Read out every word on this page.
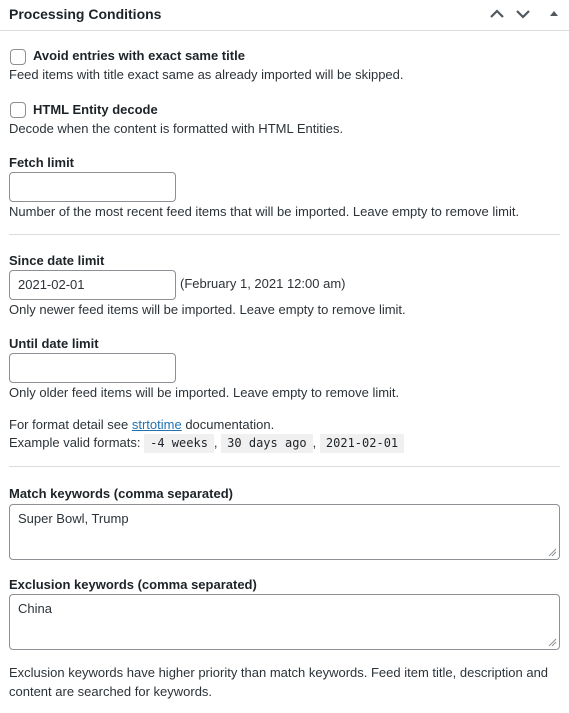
Processing Conditions
Avoid entries with exact same title
Feed items with title exact same as already imported will be skipped.
HTML Entity decode
Decode when the content is formatted with HTML Entities.
Fetch limit
Number of the most recent feed items that will be imported. Leave empty to remove limit.
Since date limit
2021-02-01	(February 1, 2021 12:00 am)
Only newer feed items will be imported. Leave empty to remove limit.
Until date limit
Only older feed items will be imported. Leave empty to remove limit.
For format detail see strtotime documentation.
Example valid formats: -4 weeks , 30 days ago , 2021-02-01
Match keywords (comma separated)
Super Bowl, Trump
Exclusion keywords (comma separated)
China
Exclusion keywords have higher priority than match keywords. Feed item title, description and
content are searched for keywords.
